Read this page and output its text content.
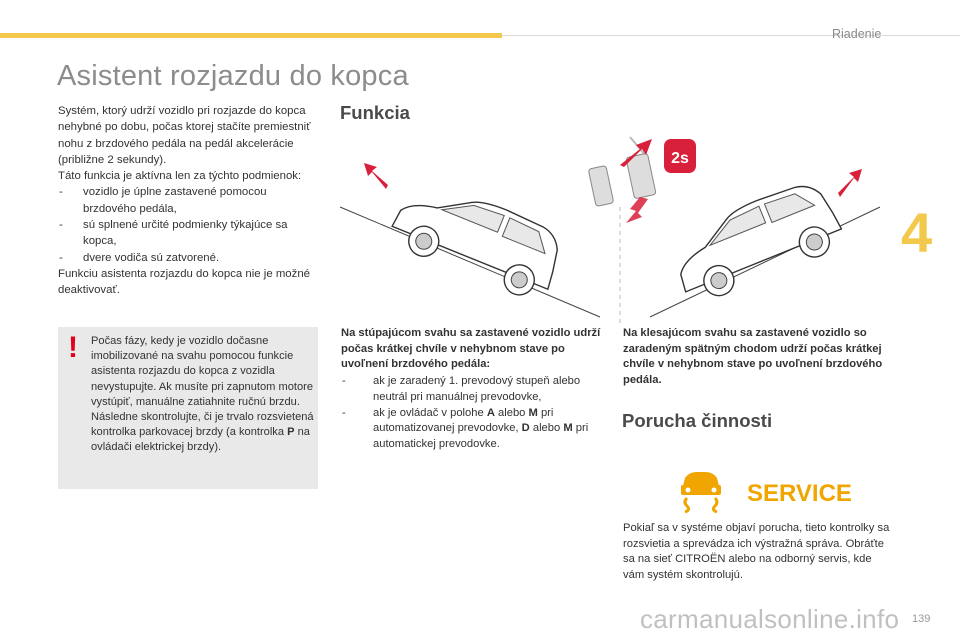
Riadenie
4
Asistent rozjazdu do kopca

Systém, ktorý udrží vozidlo pri rozjazde do kopca nehybné po dobu, počas ktorej stačíte premiestniť nohu z brzdového pedála na pedál akcelerácie (približne 2 sekundy).

Táto funkcia je aktívna len za týchto podmienok:

- vozidlo je úplne zastavené pomocou brzdového pedála,
- sú splnené určité podmienky týkajúce sa kopca,
- dvere vodiča sú zatvorené.

Funkciu asistenta rozjazdu do kopca nie je možné deaktivovať.

! Počas fázy, kedy je vozidlo dočasne imobilizované na svahu pomocou funkcie asistenta rozjazdu do kopca z vozidla nevystupujte. Ak musíte pri zapnutom motore vystúpiť, manuálne zatiahnite ručnú brzdu. Následne skontrolujte, či je trvalo rozsvietená kontrolka parkovacej brzdy (a kontrolka P na ovládači elektrickej brzdy).
Funkcia
2s

Na stúpajúcom svahu sa zastavené vozidlo udrží počas krátkej chvíle v nehybnom stave po uvoľnení brzdového pedála:

- ak je zaradený 1. prevodový stupeň alebo neutrál pri manuálnej prevodovke,
- ak je ovládač v polohe A alebo M pri automatizovanej prevodovke, D alebo M pri automatickej prevodovke.

Na klesajúcom svahu sa zastavené vozidlo so zaradeným spätným chodom udrží počas krátkej chvíle v nehybnom stave po uvoľnení brzdového pedála.

Porucha činnosti
SERVICE
Pokiaľ sa v systéme objaví porucha, tieto kontrolky sa rozsvietia a sprevádza ich výstražná správa. Obráťte sa na sieť CITROËN alebo na odborný servis, kde vám systém skontrolujú.
139
carmanualsonline.info
